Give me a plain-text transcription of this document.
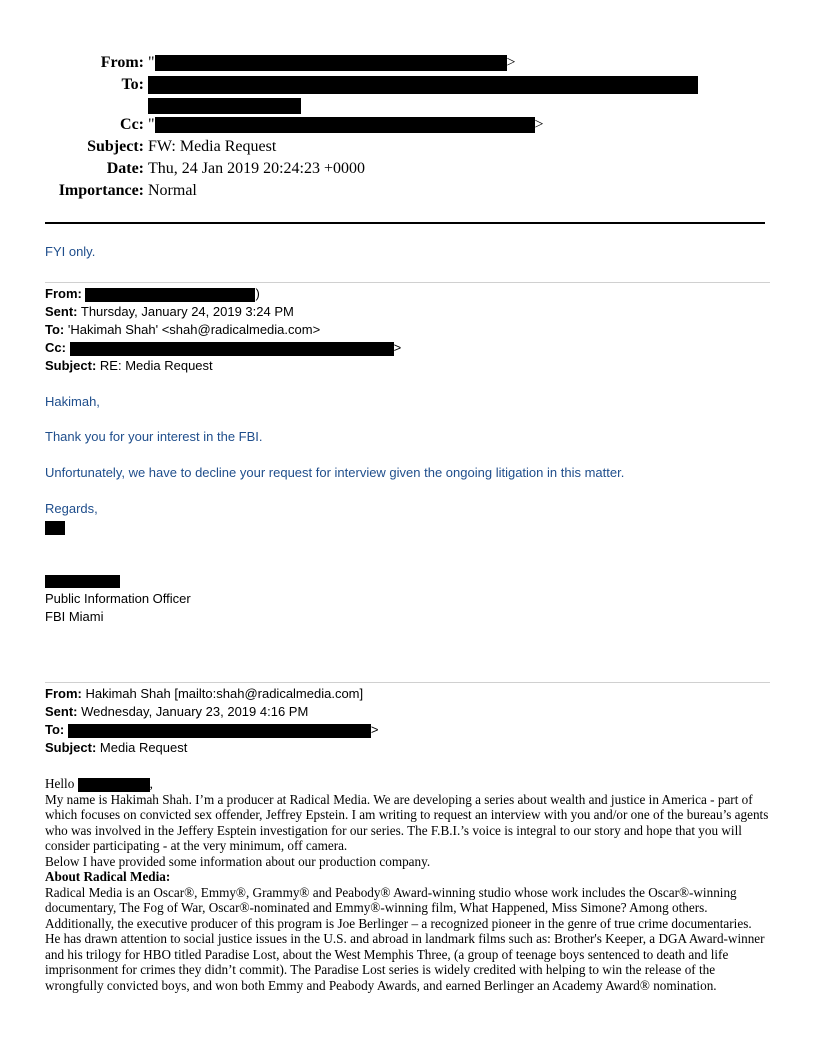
From: "	>
To:

Cc: "	>
Subject: FW: Media Request
Date: Thu, 24 Jan 2019 20:24:23 +0000
Importance: Normal
FYI only.
From:	)
Sent: Thursday, January 24, 2019 3:24 PM
To: 'Hakimah Shah' <shah@radicalmedia.com>
Cc:	>
Subject: RE: Media Request
Hakimah,
Thank you for your interest in the FBI.
Unfortunately, we have to decline your request for interview given the ongoing litigation in this matter.
Regards,
Public Information Officer
FBI Miami
From: Hakimah Shah [mailto:shah@radicalmedia.com]
Sent: Wednesday, January 23, 2019 4:16 PM
To:	>
Subject: Media Request

Hello	,

My name is Hakimah Shah. I’m a producer at Radical Media. We are developing a series about wealth and justice in America - part of which focuses on convicted sex offender, Jeffrey Epstein. I am writing to request an interview with you and/or one of the bureau’s agents who was involved in the Jeffery Esptein investigation for our series. The F.B.I.’s voice is integral to our story and hope that you will consider participating - at the very minimum, off camera.

Below I have provided some information about our production company.

About Radical Media:

Radical Media is an Oscar®, Emmy®, Grammy® and Peabody® Award-winning studio whose work includes the Oscar®-winning documentary, The Fog of War, Oscar®-nominated and Emmy®-winning film, What Happened, Miss Simone? Among others. Additionally, the executive producer of this program is Joe Berlinger – a recognized pioneer in the genre of true crime documentaries. He has drawn attention to social justice issues in the U.S. and abroad in landmark films such as: Brother's Keeper, a DGA Award-winner and his trilogy for HBO titled Paradise Lost, about the West Memphis Three, (a group of teenage boys sentenced to death and life imprisonment for crimes they didn’t commit). The Paradise Lost series is widely credited with helping to win the release of the wrongfully convicted boys, and won both Emmy and Peabody Awards, and earned Berlinger an Academy Award® nomination.
